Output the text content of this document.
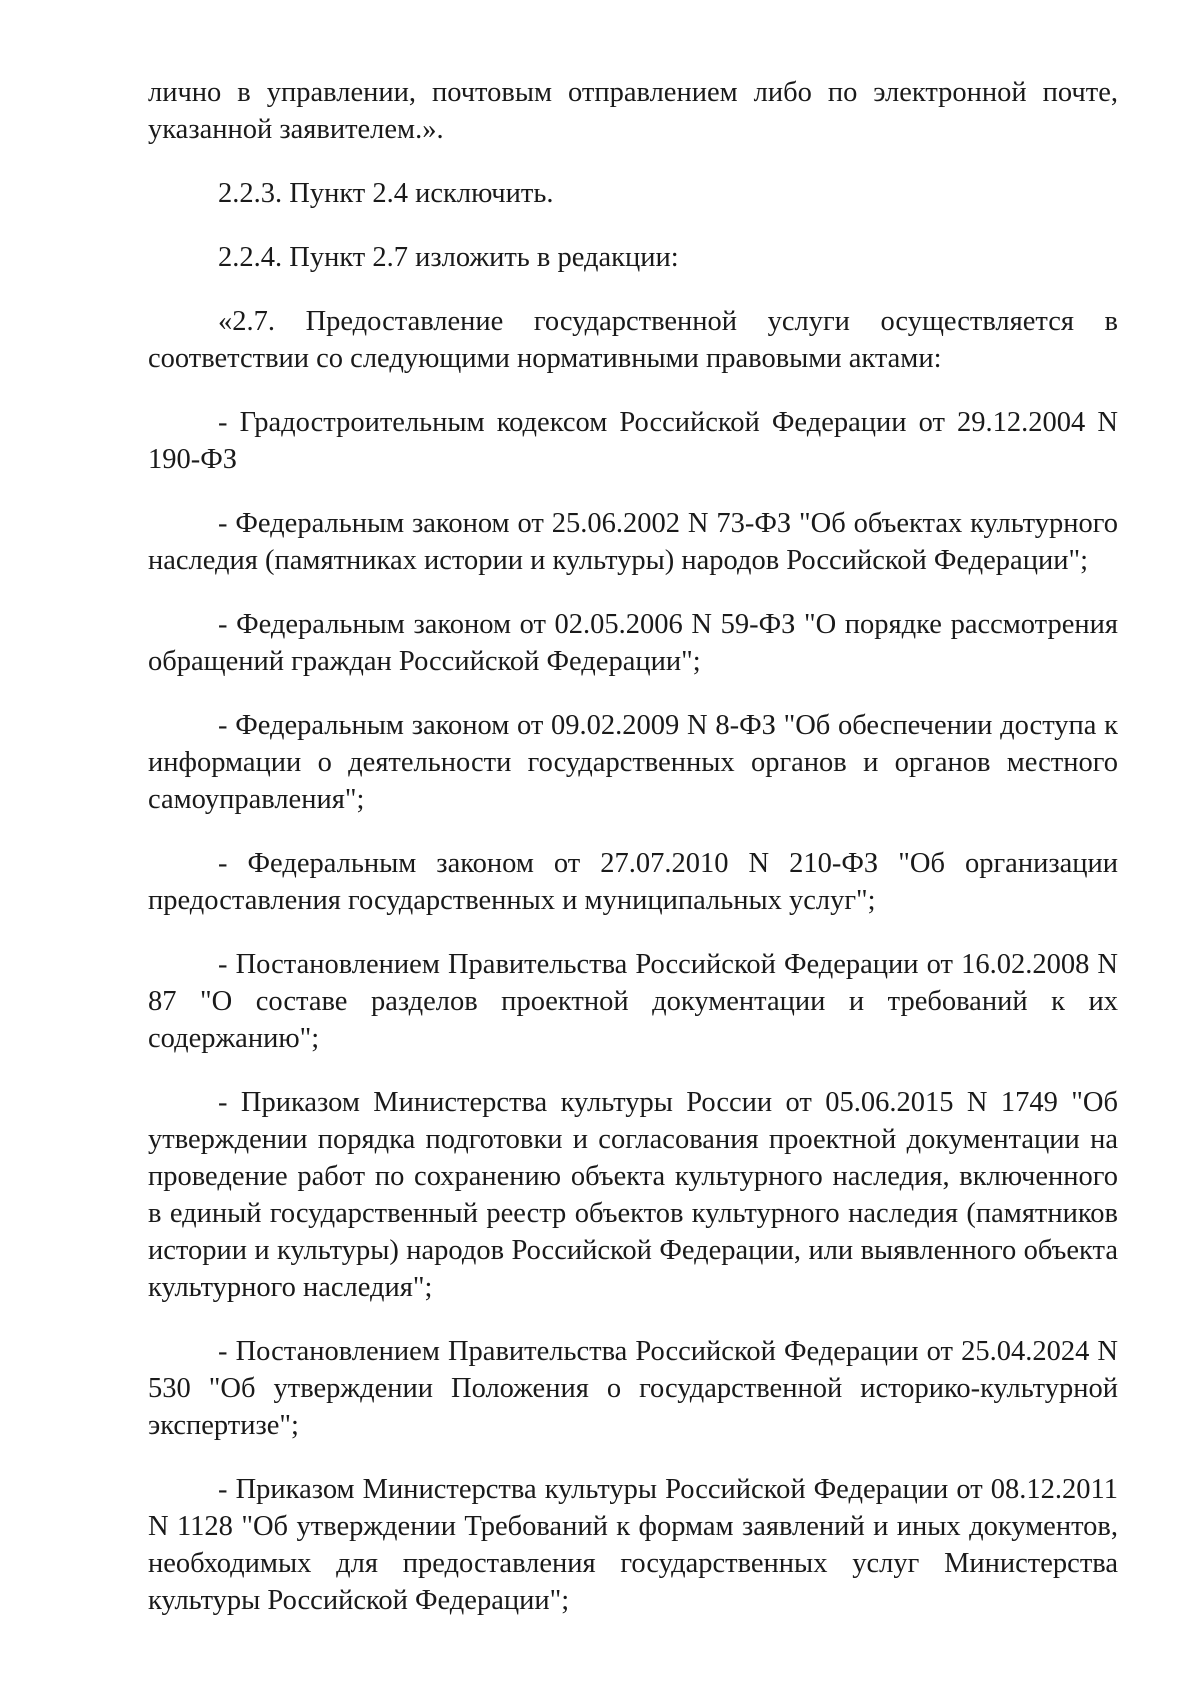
лично в управлении, почтовым отправлением либо по электронной почте, указанной заявителем.».

2.2.3. Пункт 2.4 исключить.

2.2.4. Пункт 2.7 изложить в редакции:

«2.7. Предоставление государственной услуги осуществляется в соответствии со следующими нормативными правовыми актами:

- Градостроительным кодексом Российской Федерации от 29.12.2004 N 190-ФЗ

- Федеральным законом от 25.06.2002 N 73-ФЗ "Об объектах культурного наследия (памятниках истории и культуры) народов Российской Федерации";

- Федеральным законом от 02.05.2006 N 59-ФЗ "О порядке рассмотрения обращений граждан Российской Федерации";

- Федеральным законом от 09.02.2009 N 8-ФЗ "Об обеспечении доступа к информации о деятельности государственных органов и органов местного самоуправления";

- Федеральным законом от 27.07.2010 N 210-ФЗ "Об организации предоставления государственных и муниципальных услуг";

- Постановлением Правительства Российской Федерации от 16.02.2008 N 87 "О составе разделов проектной документации и требований к их содержанию";

- Приказом Министерства культуры России от 05.06.2015 N 1749 "Об утверждении порядка подготовки и согласования проектной документации на проведение работ по сохранению объекта культурного наследия, включенного в единый государственный реестр объектов культурного наследия (памятников истории и культуры) народов Российской Федерации, или выявленного объекта культурного наследия";

- Постановлением Правительства Российской Федерации от 25.04.2024 N 530 "Об утверждении Положения о государственной историко-культурной экспертизе";

- Приказом Министерства культуры Российской Федерации от 08.12.2011 N 1128 "Об утверждении Требований к формам заявлений и иных документов, необходимых для предоставления государственных услуг Министерства культуры Российской Федерации";
